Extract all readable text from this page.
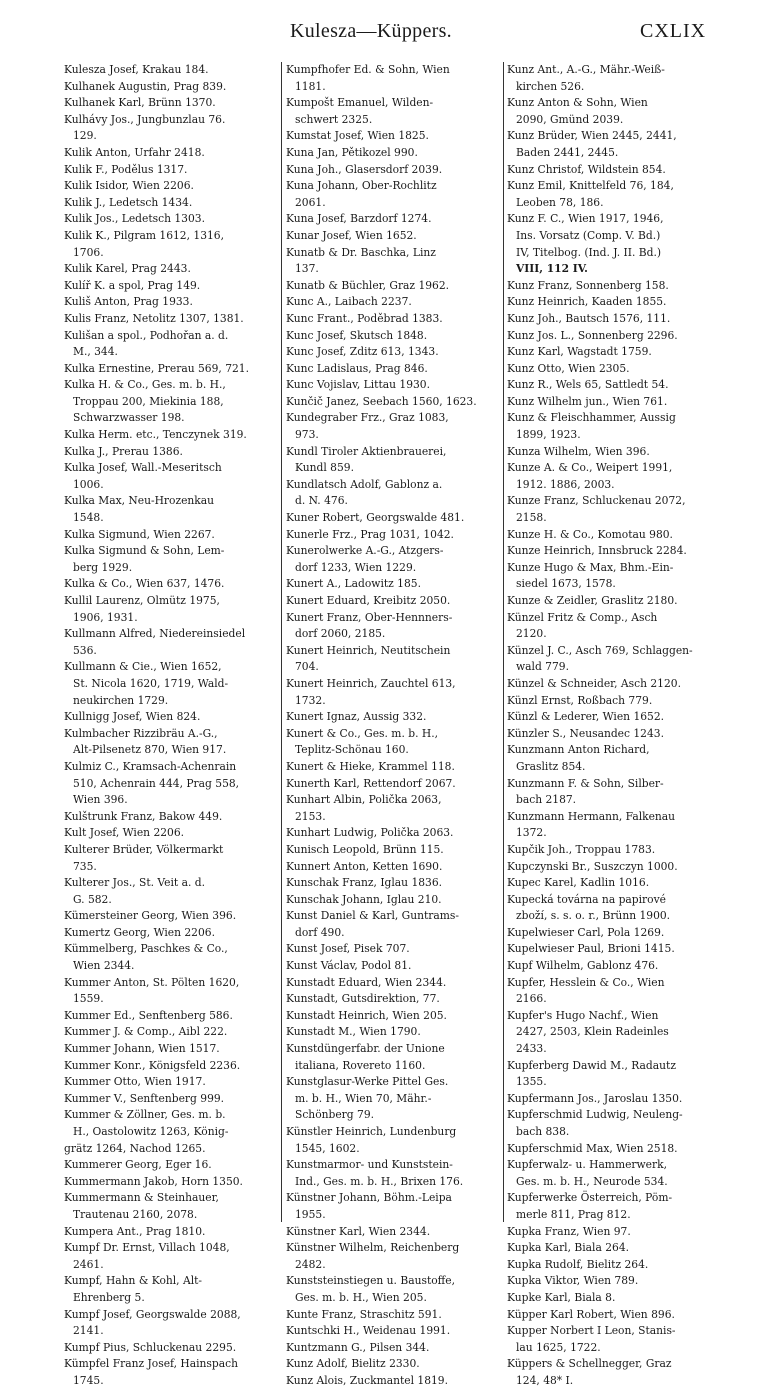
Kulesza—Küppers.	CXLIX
Kulesza Josef, Krakau 184.
Kulhanek Augustin, Prag 839.
Kulhanek Karl, Brünn 1370.
Kulhávy Jos., Jungbunzlau 76.
129.
Kulik Anton, Urfahr 2418.
Kulik F., Podělus 1317.
Kulik Isidor, Wien 2206.
Kulik J., Ledetsch 1434.
Kulik Jos., Ledetsch 1303.
Kulik K., Pilgram 1612, 1316,
1706.
Kulik Karel, Prag 2443.
Kulíř K. a spol, Prag 149.
Kuliš Anton, Prag 1933.
Kulis Franz, Netolitz 1307, 1381.
Kulišan a spol., Podhořan a. d.
M., 344.
Kulka Ernestine, Prerau 569, 721.
Kulka H. & Co., Ges. m. b. H.,
Troppau 200, Miekinia 188,
Schwarzwasser 198.
Kulka Herm. etc., Tenczynek 319.
Kulka J., Prerau 1386.
Kulka Josef, Wall.-Meseritsch
1006.
Kulka Max, Neu-Hrozenkau
1548.
Kulka Sigmund, Wien 2267.
Kulka Sigmund & Sohn, Lem-
berg 1929.
Kulka & Co., Wien 637, 1476.
Kullil Laurenz, Olmütz 1975,
1906, 1931.
Kullmann Alfred, Niedereinsiedel
536.
Kullmann & Cie., Wien 1652,
St. Nicola 1620, 1719, Wald-
neukirchen 1729.
Kullnigg Josef, Wien 824.
Kulmbacher Rizzibräu A.-G.,
Alt-Pilsenetz 870, Wien 917.
Kulmiz C., Kramsach-Achenrain
510, Achenrain 444, Prag 558,
Wien 396.
Kulštrunk Franz, Bakow 449.
Kult Josef, Wien 2206.
Kulterer Brüder, Völkermarkt
735.
Kulterer Jos., St. Veit a. d.
G. 582.
Kümersteiner Georg, Wien 396.
Kumertz Georg, Wien 2206.
Kümmelberg, Paschkes & Co.,
Wien 2344.
Kummer Anton, St. Pölten 1620,
1559.
Kummer Ed., Senftenberg 586.
Kummer J. & Comp., Aibl 222.
Kummer Johann, Wien 1517.
Kummer Konr., Königsfeld 2236.
Kummer Otto, Wien 1917.
Kummer V., Senftenberg 999.
Kummer & Zöllner, Ges. m. b.
H., Oastolowitz 1263, König-
grätz 1264, Nachod 1265.
Kummerer Georg, Eger 16.
Kummermann Jakob, Horn 1350.
Kummermann & Steinhauer,
Trautenau 2160, 2078.
Kumpera Ant., Prag 1810.
Kumpf Dr. Ernst, Villach 1048,
2461.
Kumpf, Hahn & Kohl, Alt-
Ehrenberg 5.
Kumpf Josef, Georgswalde 2088,
2141.
Kumpf Pius, Schluckenau 2295.
Kümpfel Franz Josef, Hainspach
1745.
Kumpfhofer Ed. & Sohn, Wien
1181.
Kumpošt Emanuel, Wilden-
schwert 2325.
Kumstat Josef, Wien 1825.
Kuna Jan, Pětikozel 990.
Kuna Joh., Glasersdorf 2039.
Kuna Johann, Ober-Rochlitz
2061.
Kuna Josef, Barzdorf 1274.
Kunar Josef, Wien 1652.
Kunatb & Dr. Baschka, Linz
137.
Kunatb & Büchler, Graz 1962.
Kunc A., Laibach 2237.
Kunc Frant., Poděbrad 1383.
Kunc Josef, Skutsch 1848.
Kunc Josef, Zditz 613, 1343.
Kunc Ladislaus, Prag 846.
Kunc Vojislav, Littau 1930.
Kunčič Janez, Seebach 1560, 1623.
Kundegraber Frz., Graz 1083,
973.
Kundl Tiroler Aktienbrauerei,
Kundl 859.
Kundlatsch Adolf, Gablonz a.
d. N. 476.
Kuner Robert, Georgswalde 481.
Kunerle Frz., Prag 1031, 1042.
Kunerolwerke A.-G., Atzgers-
dorf 1233, Wien 1229.
Kunert A., Ladowitz 185.
Kunert Eduard, Kreibitz 2050.
Kunert Franz, Ober-Hennners-
dorf 2060, 2185.
Kunert Heinrich, Neutitschein
704.
Kunert Heinrich, Zauchtel 613,
1732.
Kunert Ignaz, Aussig 332.
Kunert & Co., Ges. m. b. H.,
Teplitz-Schönau 160.
Kunert & Hieke, Krammel 118.
Kunerth Karl, Rettendorf 2067.
Kunhart Albin, Polička 2063,
2153.
Kunhart Ludwig, Polička 2063.
Kunisch Leopold, Brünn 115.
Kunnert Anton, Ketten 1690.
Kunschak Franz, Iglau 1836.
Kunschak Johann, Iglau 210.
Kunst Daniel & Karl, Guntrams-
dorf 490.
Kunst Josef, Pisek 707.
Kunst Václav, Podol 81.
Kunstadt Eduard, Wien 2344.
Kunstadt, Gutsdirektion, 77.
Kunstadt Heinrich, Wien 205.
Kunstadt M., Wien 1790.
Kunstdüngerfabr. der Unione
italiana, Rovereto 1160.
Kunstglasur-Werke Pittel Ges.
m. b. H., Wien 70, Mähr.-
Schönberg 79.
Künstler Heinrich, Lundenburg
1545, 1602.
Kunstmarmor- und Kunststein-
Ind., Ges. m. b. H., Brixen 176.
Künstner Johann, Böhm.-Leipa
1955.
Künstner Karl, Wien 2344.
Künstner Wilhelm, Reichenberg
2482.
Kunststeinstiegen u. Baustoffe,
Ges. m. b. H., Wien 205.
Kunte Franz, Straschitz 591.
Kuntschki H., Weidenau 1991.
Kuntzmann G., Pilsen 344.
Kunz Adolf, Bielitz 2330.
Kunz Alois, Zuckmantel 1819.
Kunz Ant., A.-G., Mähr.-Weiß-
kirchen 526.
Kunz Anton & Sohn, Wien
2090, Gmünd 2039.
Kunz Brüder, Wien 2445, 2441,
Baden 2441, 2445.
Kunz Christof, Wildstein 854.
Kunz Emil, Knittelfeld 76, 184,
Leoben 78, 186.
Kunz F. C., Wien 1917, 1946,
Ins. Vorsatz (Comp. V. Bd.)
IV, Titelbog. (Ind. J. II. Bd.)
VIII, 112 IV.
Kunz Franz, Sonnenberg 158.
Kunz Heinrich, Kaaden 1855.
Kunz Joh., Bautsch 1576, 111.
Kunz Jos. L., Sonnenberg 2296.
Kunz Karl, Wagstadt 1759.
Kunz Otto, Wien 2305.
Kunz R., Wels 65, Sattledt 54.
Kunz Wilhelm jun., Wien 761.
Kunz & Fleischhammer, Aussig
1899, 1923.
Kunza Wilhelm, Wien 396.
Kunze A. & Co., Weipert 1991,
1912. 1886, 2003.
Kunze Franz, Schluckenau 2072,
2158.
Kunze H. & Co., Komotau 980.
Kunze Heinrich, Innsbruck 2284.
Kunze Hugo & Max, Bhm.-Ein-
siedel 1673, 1578.
Kunze & Zeidler, Graslitz 2180.
Künzel Fritz & Comp., Asch
2120.
Künzel J. C., Asch 769, Schlaggen-
wald 779.
Künzel & Schneider, Asch 2120.
Künzl Ernst, Roßbach 779.
Künzl & Lederer, Wien 1652.
Künzler S., Neusandec 1243.
Kunzmann Anton Richard,
Graslitz 854.
Kunzmann F. & Sohn, Silber-
bach 2187.
Kunzmann Hermann, Falkenau
1372.
Kupčik Joh., Troppau 1783.
Kupczynski Br., Suszczyn 1000.
Kupec Karel, Kadlin 1016.
Kupecká továrna na papirové
zboží, s. s. o. r., Brünn 1900.
Kupelwieser Carl, Pola 1269.
Kupelwieser Paul, Brioni 1415.
Kupf Wilhelm, Gablonz 476.
Kupfer, Hesslein & Co., Wien
2166.
Kupfer's Hugo Nachf., Wien
2427, 2503, Klein Radeinles
2433.
Kupferberg Dawid M., Radautz
1355.
Kupfermann Jos., Jaroslau 1350.
Kupferschmid Ludwig, Neuleng-
bach 838.
Kupferschmid Max, Wien 2518.
Kupferwalz- u. Hammerwerk,
Ges. m. b. H., Neurode 534.
Kupferwerke Österreich, Pöm-
merle 811, Prag 812.
Kupka Franz, Wien 97.
Kupka Karl, Biala 264.
Kupka Rudolf, Bielitz 264.
Kupka Viktor, Wien 789.
Kupke Karl, Biala 8.
Küpper Karl Robert, Wien 896.
Kupper Norbert I Leon, Stanis-
lau 1625, 1722.
Küppers & Schellnegger, Graz
124, 48* I.
